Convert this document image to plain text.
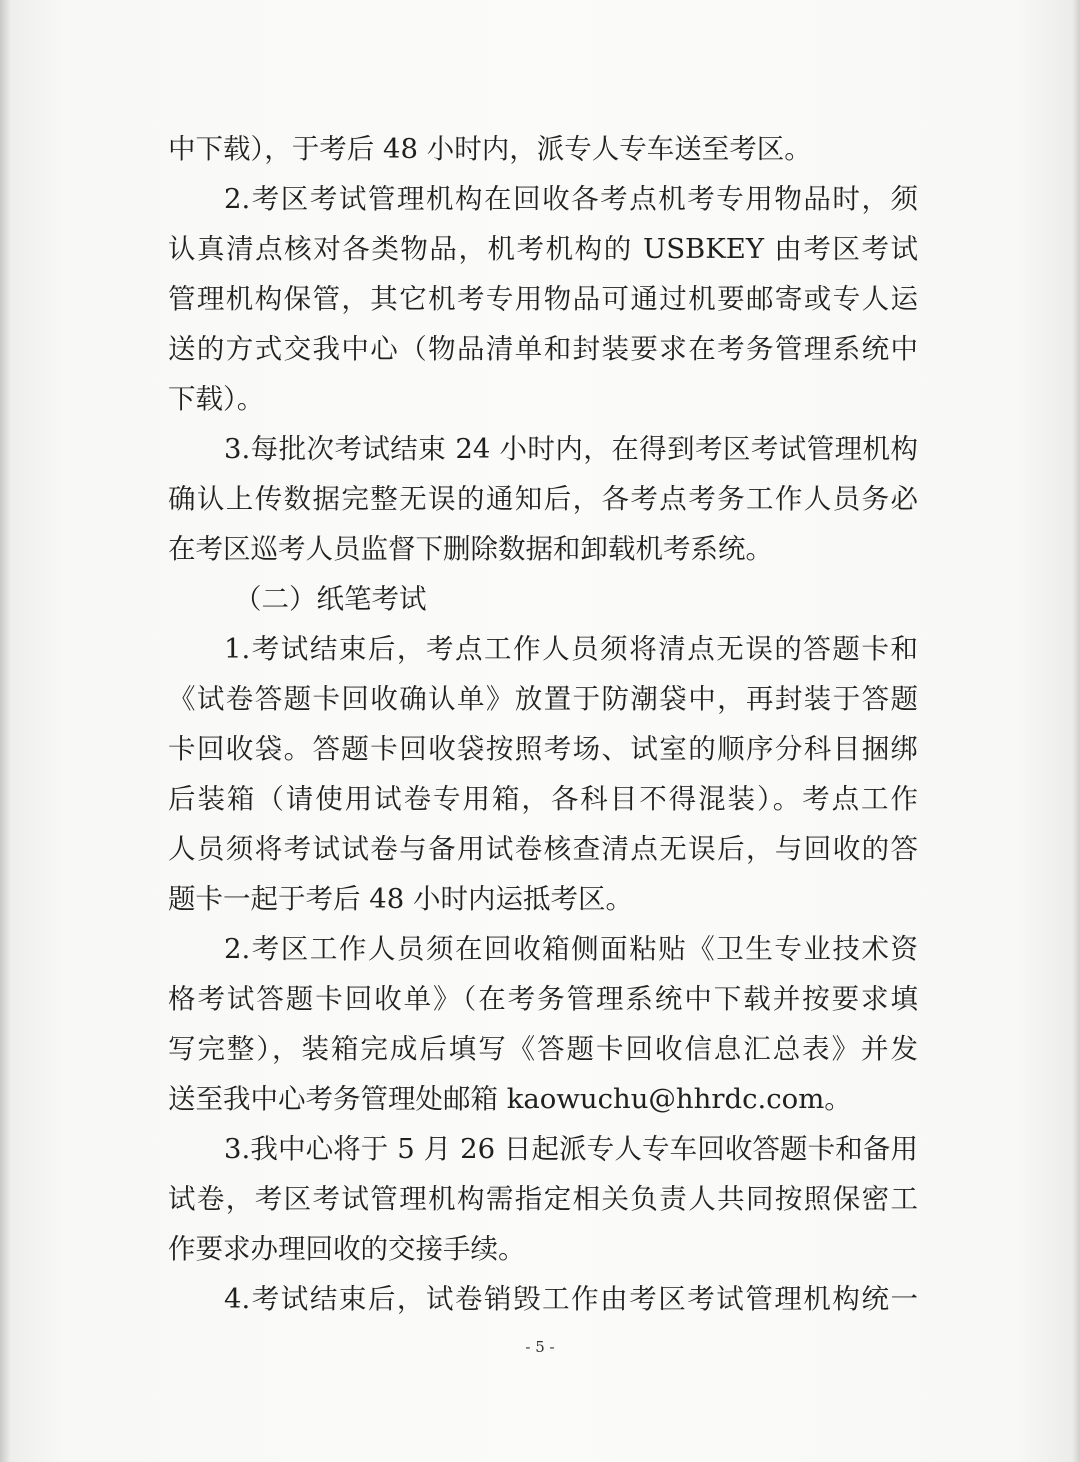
中下载），于考后 48 小时内，派专人专车送至考区。
2.考区考试管理机构在回收各考点机考专用物品时，须
认真清点核对各类物品，机考机构的 USBKEY 由考区考试
管理机构保管，其它机考专用物品可通过机要邮寄或专人运
送的方式交我中心（物品清单和封装要求在考务管理系统中
下载）。
3.每批次考试结束 24 小时内，在得到考区考试管理机构
确认上传数据完整无误的通知后，各考点考务工作人员务必
在考区巡考人员监督下删除数据和卸载机考系统。
（二）纸笔考试
1.考试结束后，考点工作人员须将清点无误的答题卡和
《试卷答题卡回收确认单》放置于防潮袋中，再封装于答题
卡回收袋。答题卡回收袋按照考场、试室的顺序分科目捆绑
后装箱（请使用试卷专用箱，各科目不得混装）。考点工作
人员须将考试试卷与备用试卷核查清点无误后，与回收的答
题卡一起于考后 48 小时内运抵考区。
2.考区工作人员须在回收箱侧面粘贴《卫生专业技术资
格考试答题卡回收单》（在考务管理系统中下载并按要求填
写完整），装箱完成后填写《答题卡回收信息汇总表》并发
送至我中心考务管理处邮箱 kaowuchu@hhrdc.com。
3.我中心将于 5 月 26 日起派专人专车回收答题卡和备用
试卷，考区考试管理机构需指定相关负责人共同按照保密工
作要求办理回收的交接手续。
4.考试结束后，试卷销毁工作由考区考试管理机构统一
- 5 -
